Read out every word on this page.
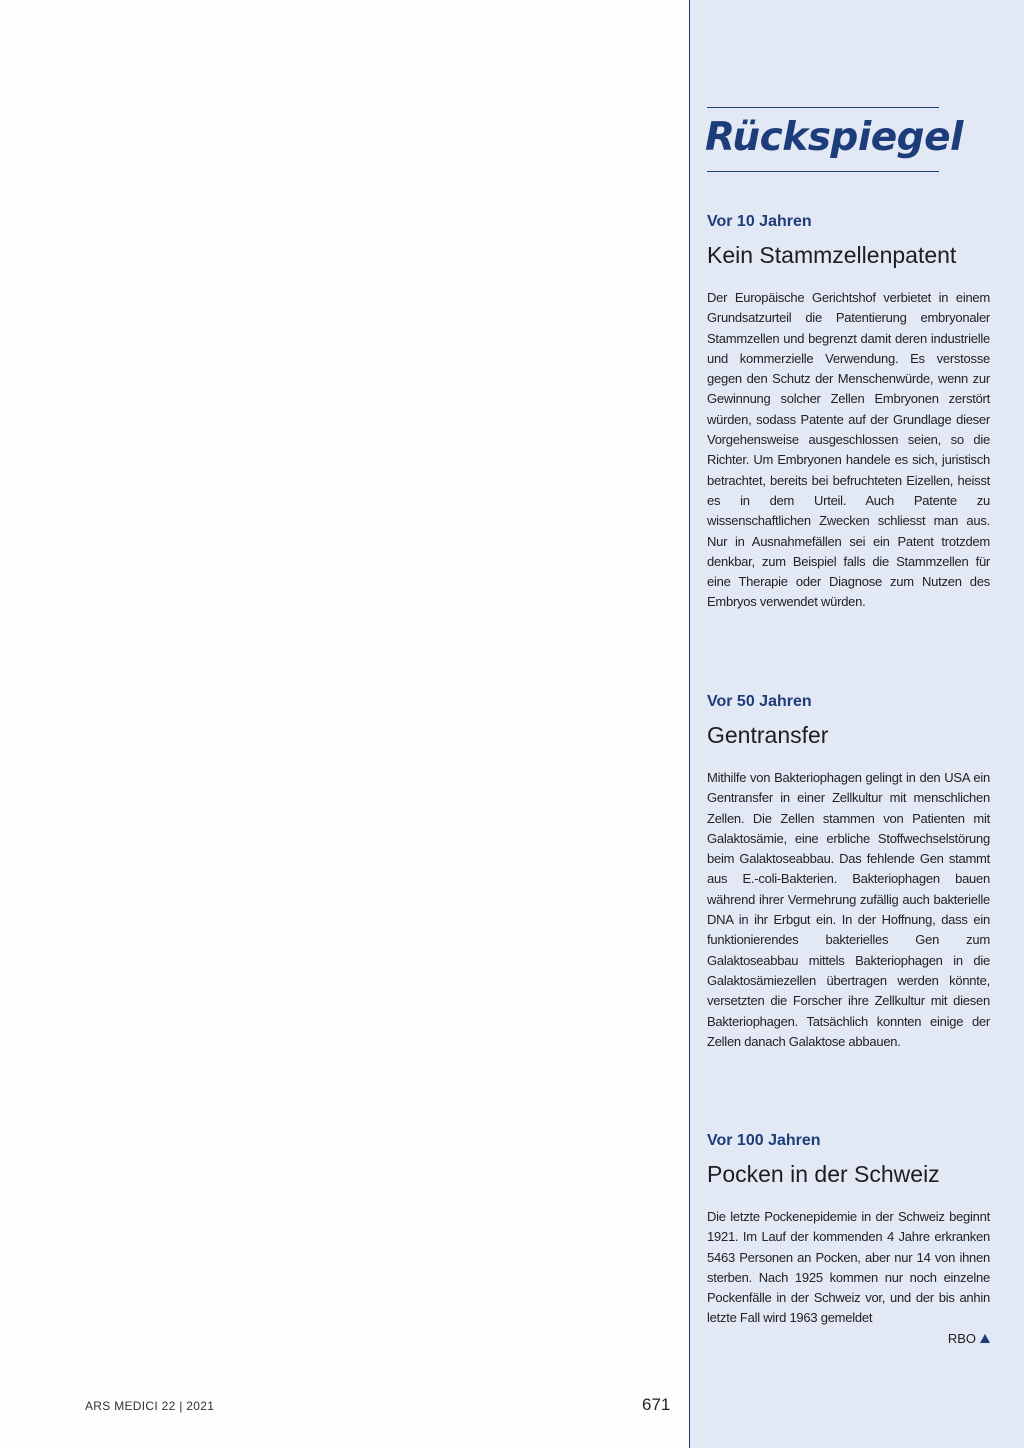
Rückspiegel

Vor 10 Jahren

Kein Stammzellenpatent

Der Europäische Gerichtshof verbietet in einem Grundsatzurteil die Patentierung embryonaler Stammzellen und begrenzt damit deren industrielle und kommerzielle Verwendung. Es verstosse gegen den Schutz der Menschenwürde, wenn zur Gewinnung solcher Zellen Embryonen zerstört würden, sodass Patente auf der Grundlage dieser Vorgehensweise ausgeschlossen seien, so die Richter. Um Embryonen handele es sich, juristisch betrachtet, bereits bei befruchteten Eizellen, heisst es in dem Urteil. Auch Patente zu wissenschaftlichen Zwecken schliesst man aus. Nur in Ausnahmefällen sei ein Patent trotzdem denkbar, zum Beispiel falls die Stammzellen für eine Therapie oder Diagnose zum Nutzen des Embryos verwendet würden.

Vor 50 Jahren

Gentransfer

Mithilfe von Bakteriophagen gelingt in den USA ein Gentransfer in einer Zellkultur mit menschlichen Zellen. Die Zellen stammen von Patienten mit Galaktosämie, eine erbliche Stoffwechselstörung beim Galaktoseabbau. Das fehlende Gen stammt aus E.-coli-Bakterien. Bakteriophagen bauen während ihrer Vermehrung zufällig auch bakterielle DNA in ihr Erbgut ein. In der Hoffnung, dass ein funktionierendes bakterielles Gen zum Galaktoseabbau mittels Bakteriophagen in die Galaktosämiezellen übertragen werden könnte, versetzten die Forscher ihre Zellkultur mit diesen Bakteriophagen. Tatsächlich konnten einige der Zellen danach Galaktose abbauen.

Vor 100 Jahren

Pocken in der Schweiz

Die letzte Pockenepidemie in der Schweiz beginnt 1921. Im Lauf der kommenden 4 Jahre erkranken 5463 Personen an Pocken, aber nur 14 von ihnen sterben. Nach 1925 kommen nur noch einzelne Pockenfälle in der Schweiz vor, und der bis anhin letzte Fall wird 1963 gemeldet

RBO

ARS MEDICI 22 | 2021	671
